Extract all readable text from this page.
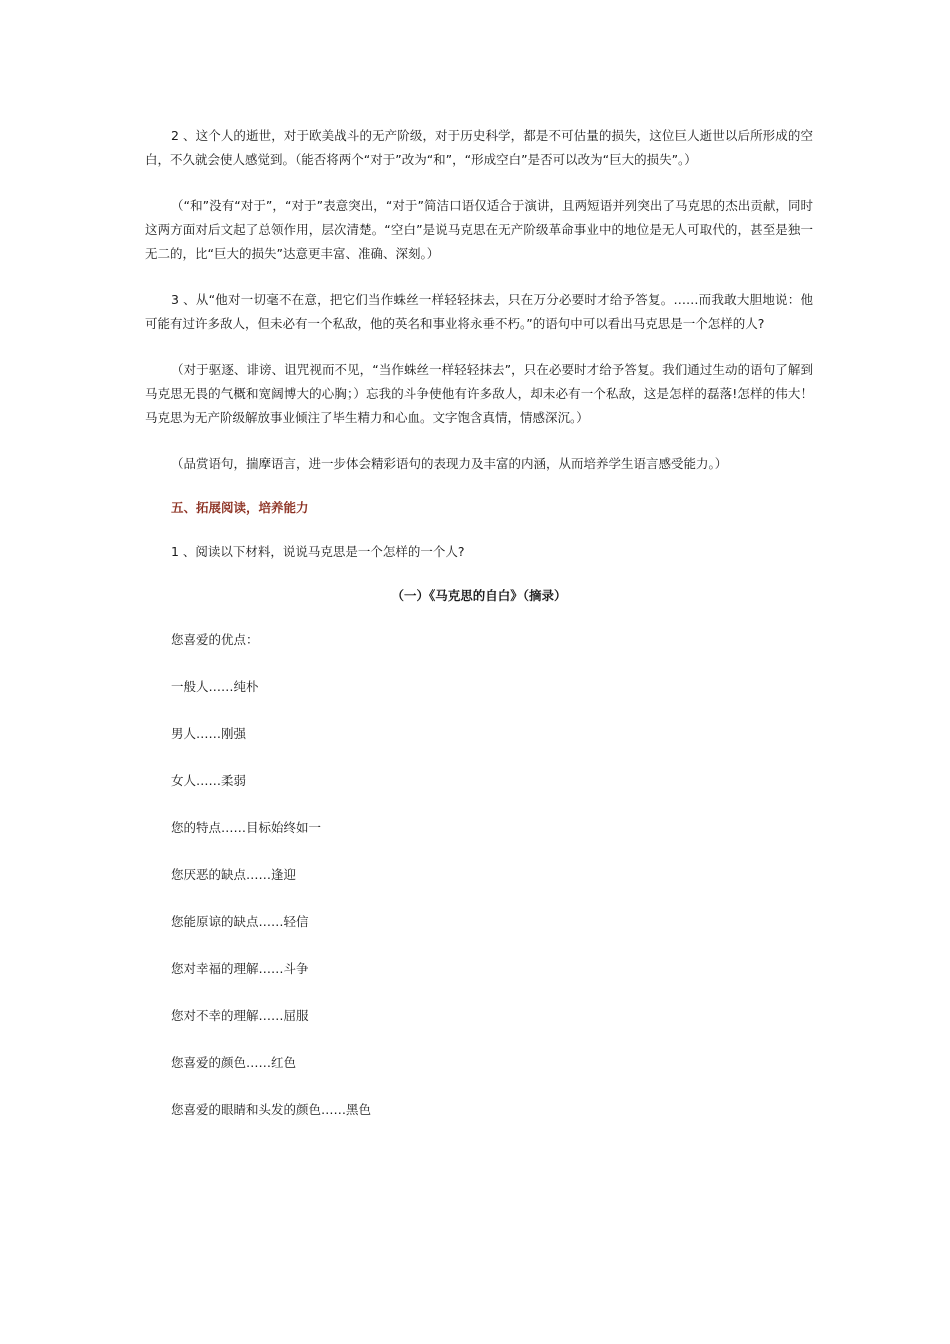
2 、这个人的逝世，对于欧美战斗的无产阶级，对于历史科学，都是不可估量的损失，这位巨人逝世以后所形成的空白，不久就会使人感觉到。（能否将两个“对于”改为“和”，“形成空白”是否可以改为“巨大的损失”。）

（“和”没有“对于”，“对于”表意突出，“对于”简洁口语仅适合于演讲，且两短语并列突出了马克思的杰出贡献，同时这两方面对后文起了总领作用，层次清楚。“空白”是说马克思在无产阶级革命事业中的地位是无人可取代的，甚至是独一无二的，比“巨大的损失”达意更丰富、准确、深刻。）

3 、从“他对一切毫不在意，把它们当作蛛丝一样轻轻抹去，只在万分必要时才给予答复。……而我敢大胆地说：他可能有过许多敌人，但未必有一个私敌，他的英名和事业将永垂不朽。”的语句中可以看出马克思是一个怎样的人?

（对于驱逐、诽谤、诅咒视而不见，“当作蛛丝一样轻轻抹去”，只在必要时才给予答复。我们通过生动的语句了解到马克思无畏的气概和宽阔博大的心胸；）忘我的斗争使他有许多敌人，却未必有一个私敌，这是怎样的磊落!怎样的伟大！马克思为无产阶级解放事业倾注了毕生精力和心血。文字饱含真情，情感深沉。）

（品赏语句，揣摩语言，进一步体会精彩语句的表现力及丰富的内涵，从而培养学生语言感受能力。）

五、拓展阅读，培养能力

1 、阅读以下材料，说说马克思是一个怎样的一个人?

（一）《马克思的自白》（摘录）

您喜爱的优点：

一般人……纯朴

男人……刚强

女人……柔弱

您的特点……目标始终如一

您厌恶的缺点……逢迎

您能原谅的缺点……轻信

您对幸福的理解……斗争

您对不幸的理解……屈服

您喜爱的颜色……红色

您喜爱的眼睛和头发的颜色……黑色
